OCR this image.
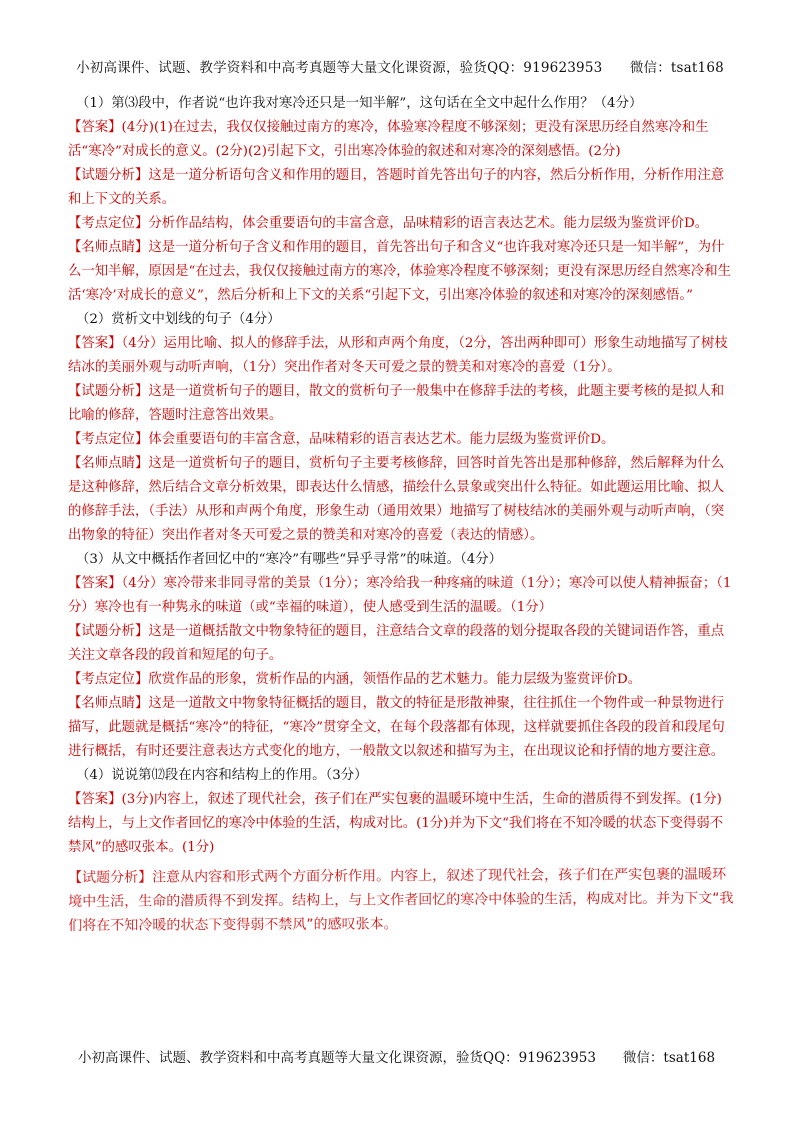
小初高课件、试题、教学资料和中高考真题等大量文化课资源，验货QQ：919623953　　微信：tsat168

（1）第⑶段中，作者说“也许我对寒冷还只是一知半解”，这句话在全文中起什么作用？（4分）

【答案】(4分)(1)在过去，我仅仅接触过南方的寒冷，体验寒冷程度不够深刻；更没有深思历经自然寒冷和生活“寒冷”对成长的意义。(2分)(2)引起下文，引出寒冷体验的叙述和对寒冷的深刻感悟。(2分)

【试题分析】这是一道分析语句含义和作用的题目，答题时首先答出句子的内容，然后分析作用，分析作用注意和上下文的关系。

【考点定位】分析作品结构，体会重要语句的丰富含意，品味精彩的语言表达艺术。能力层级为鉴赏评价D。

【名师点睛】这是一道分析句子含义和作用的题目，首先答出句子和含义“也许我对寒冷还只是一知半解”，为什么一知半解，原因是“在过去，我仅仅接触过南方的寒冷，体验寒冷程度不够深刻；更没有深思历经自然寒冷和生活‘寒冷’对成长的意义”，然后分析和上下文的关系“引起下文，引出寒冷体验的叙述和对寒冷的深刻感悟。”

（2）赏析文中划线的句子（4分）

【答案】（4分）运用比喻、拟人的修辞手法，从形和声两个角度，（2分，答出两种即可）形象生动地描写了树枝结冰的美丽外观与动听声响，（1分）突出作者对冬天可爱之景的赞美和对寒冷的喜爱（1分）。

【试题分析】这是一道赏析句子的题目，散文的赏析句子一般集中在修辞手法的考核，此题主要考核的是拟人和比喻的修辞，答题时注意答出效果。

【考点定位】体会重要语句的丰富含意，品味精彩的语言表达艺术。能力层级为鉴赏评价D。

【名师点睛】这是一道赏析句子的题目，赏析句子主要考核修辞，回答时首先答出是那种修辞，然后解释为什么是这种修辞，然后结合文章分析效果，即表达什么情感，描绘什么景象或突出什么特征。如此题运用比喻、拟人的修辞手法，（手法）从形和声两个角度，形象生动（通用效果）地描写了树枝结冰的美丽外观与动听声响，（突出物象的特征）突出作者对冬天可爱之景的赞美和对寒冷的喜爱（表达的情感）。

（3）从文中概括作者回忆中的“寒冷”有哪些“异乎寻常”的味道。（4分）

【答案】（4分）寒冷带来非同寻常的美景（1分）；寒冷给我一种疼痛的味道（1分）；寒冷可以使人精神振奋；（1分）寒冷也有一种隽永的味道（或“幸福的味道），使人感受到生活的温暖。（1分）

【试题分析】这是一道概括散文中物象特征的题目，注意结合文章的段落的划分提取各段的关键词语作答，重点关注文章各段的段首和短尾的句子。

【考点定位】欣赏作品的形象，赏析作品的内涵，领悟作品的艺术魅力。能力层级为鉴赏评价D。

【名师点睛】这是一道散文中物象特征概括的题目，散文的特征是形散神聚，往往抓住一个物件或一种景物进行描写，此题就是概括“寒冷”的特征，“寒冷”贯穿全文，在每个段落都有体现，这样就要抓住各段的段首和段尾句进行概括，有时还要注意表达方式变化的地方，一般散文以叙述和描写为主，在出现议论和抒情的地方要注意。

（4）说说第⑿段在内容和结构上的作用。（3分）

【答案】(3分)内容上，叙述了现代社会，孩子们在严实包裹的温暖环境中生活，生命的潜质得不到发挥。(1分)结构上，与上文作者回忆的寒冷中体验的生活，构成对比。(1分)并为下文“我们将在不知冷暖的状态下变得弱不禁风”的感叹张本。(1分)

【试题分析】注意从内容和形式两个方面分析作用。内容上，叙述了现代社会，孩子们在严实包裹的温暖环境中生活，生命的潜质得不到发挥。结构上，与上文作者回忆的寒冷中体验的生活，构成对比。并为下文“我们将在不知冷暖的状态下变得弱不禁风”的感叹张本。

小初高课件、试题、教学资料和中高考真题等大量文化课资源，验货QQ：919623953　　微信：tsat168
